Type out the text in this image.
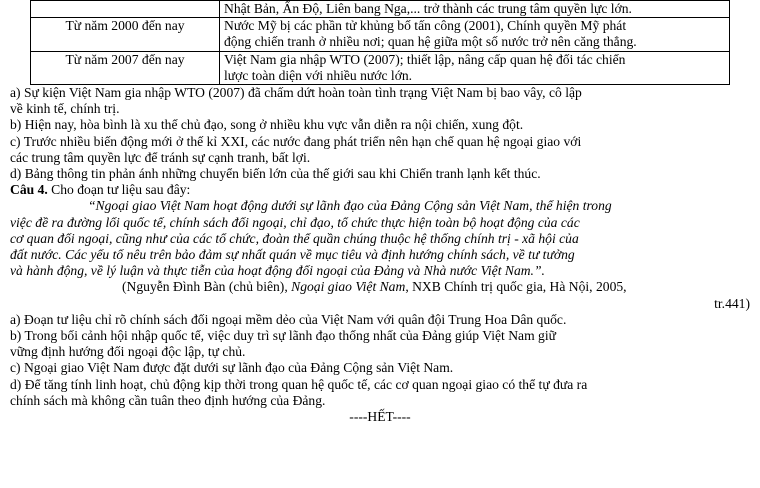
	Nhật Bản, Ấn Độ, Liên bang Nga,... trở thành các trung tâm quyền lực lớn.

Từ năm 2000 đến nay	Nước Mỹ bị các phần tử khủng bố tấn công (2001), Chính quyền Mỹ phát
động chiến tranh ở nhiều nơi; quan hệ giữa một số nước trở nên căng thẳng.

Từ năm 2007 đến nay	Việt Nam gia nhập WTO (2007); thiết lập, nâng cấp quan hệ đối tác chiến
lược toàn diện với nhiều nước lớn.
a) Sự kiện Việt Nam gia nhập WTO (2007) đã chấm dứt hoàn toàn tình trạng Việt Nam bị bao vây, cô lập
về kinh tế, chính trị.
b) Hiện nay, hòa bình là xu thế chủ đạo, song ở nhiều khu vực vẫn diễn ra nội chiến, xung đột.
c) Trước nhiều biến động mới ở thế kỉ XXI, các nước đang phát triển nên hạn chế quan hệ ngoại giao với
các trung tâm quyền lực để tránh sự cạnh tranh, bất lợi.
d) Bảng thông tin phản ánh những chuyển biến lớn của thế giới sau khi Chiến tranh lạnh kết thúc.
Câu 4. Cho đoạn tư liệu sau đây:
“Ngoại giao Việt Nam hoạt động dưới sự lãnh đạo của Đảng Cộng sản Việt Nam, thể hiện trong
việc đề ra đường lối quốc tế, chính sách đối ngoại, chỉ đạo, tổ chức thực hiện toàn bộ hoạt động của các
cơ quan đối ngoại, cũng như của các tổ chức, đoàn thể quần chúng thuộc hệ thống chính trị - xã hội của
đất nước. Các yếu tố nêu trên bảo đảm sự nhất quán về mục tiêu và định hướng chính sách, về tư tưởng
và hành động, về lý luận và thực tiễn của hoạt động đối ngoại của Đảng và Nhà nước Việt Nam.”.
(Nguyễn Đình Bàn (chủ biên), Ngoại giao Việt Nam, NXB Chính trị quốc gia, Hà Nội, 2005,
tr.441)
a) Đoạn tư liệu chỉ rõ chính sách đối ngoại mềm dẻo của Việt Nam với quân đội Trung Hoa Dân quốc.
b) Trong bối cảnh hội nhập quốc tế, việc duy trì sự lãnh đạo thống nhất của Đảng giúp Việt Nam giữ
vững định hướng đối ngoại độc lập, tự chủ.
c) Ngoại giao Việt Nam được đặt dưới sự lãnh đạo của Đảng Cộng sản Việt Nam.
d) Để tăng tính linh hoạt, chủ động kịp thời trong quan hệ quốc tế, các cơ quan ngoại giao có thể tự đưa ra
chính sách mà không cần tuân theo định hướng của Đảng.
----HẾT----
